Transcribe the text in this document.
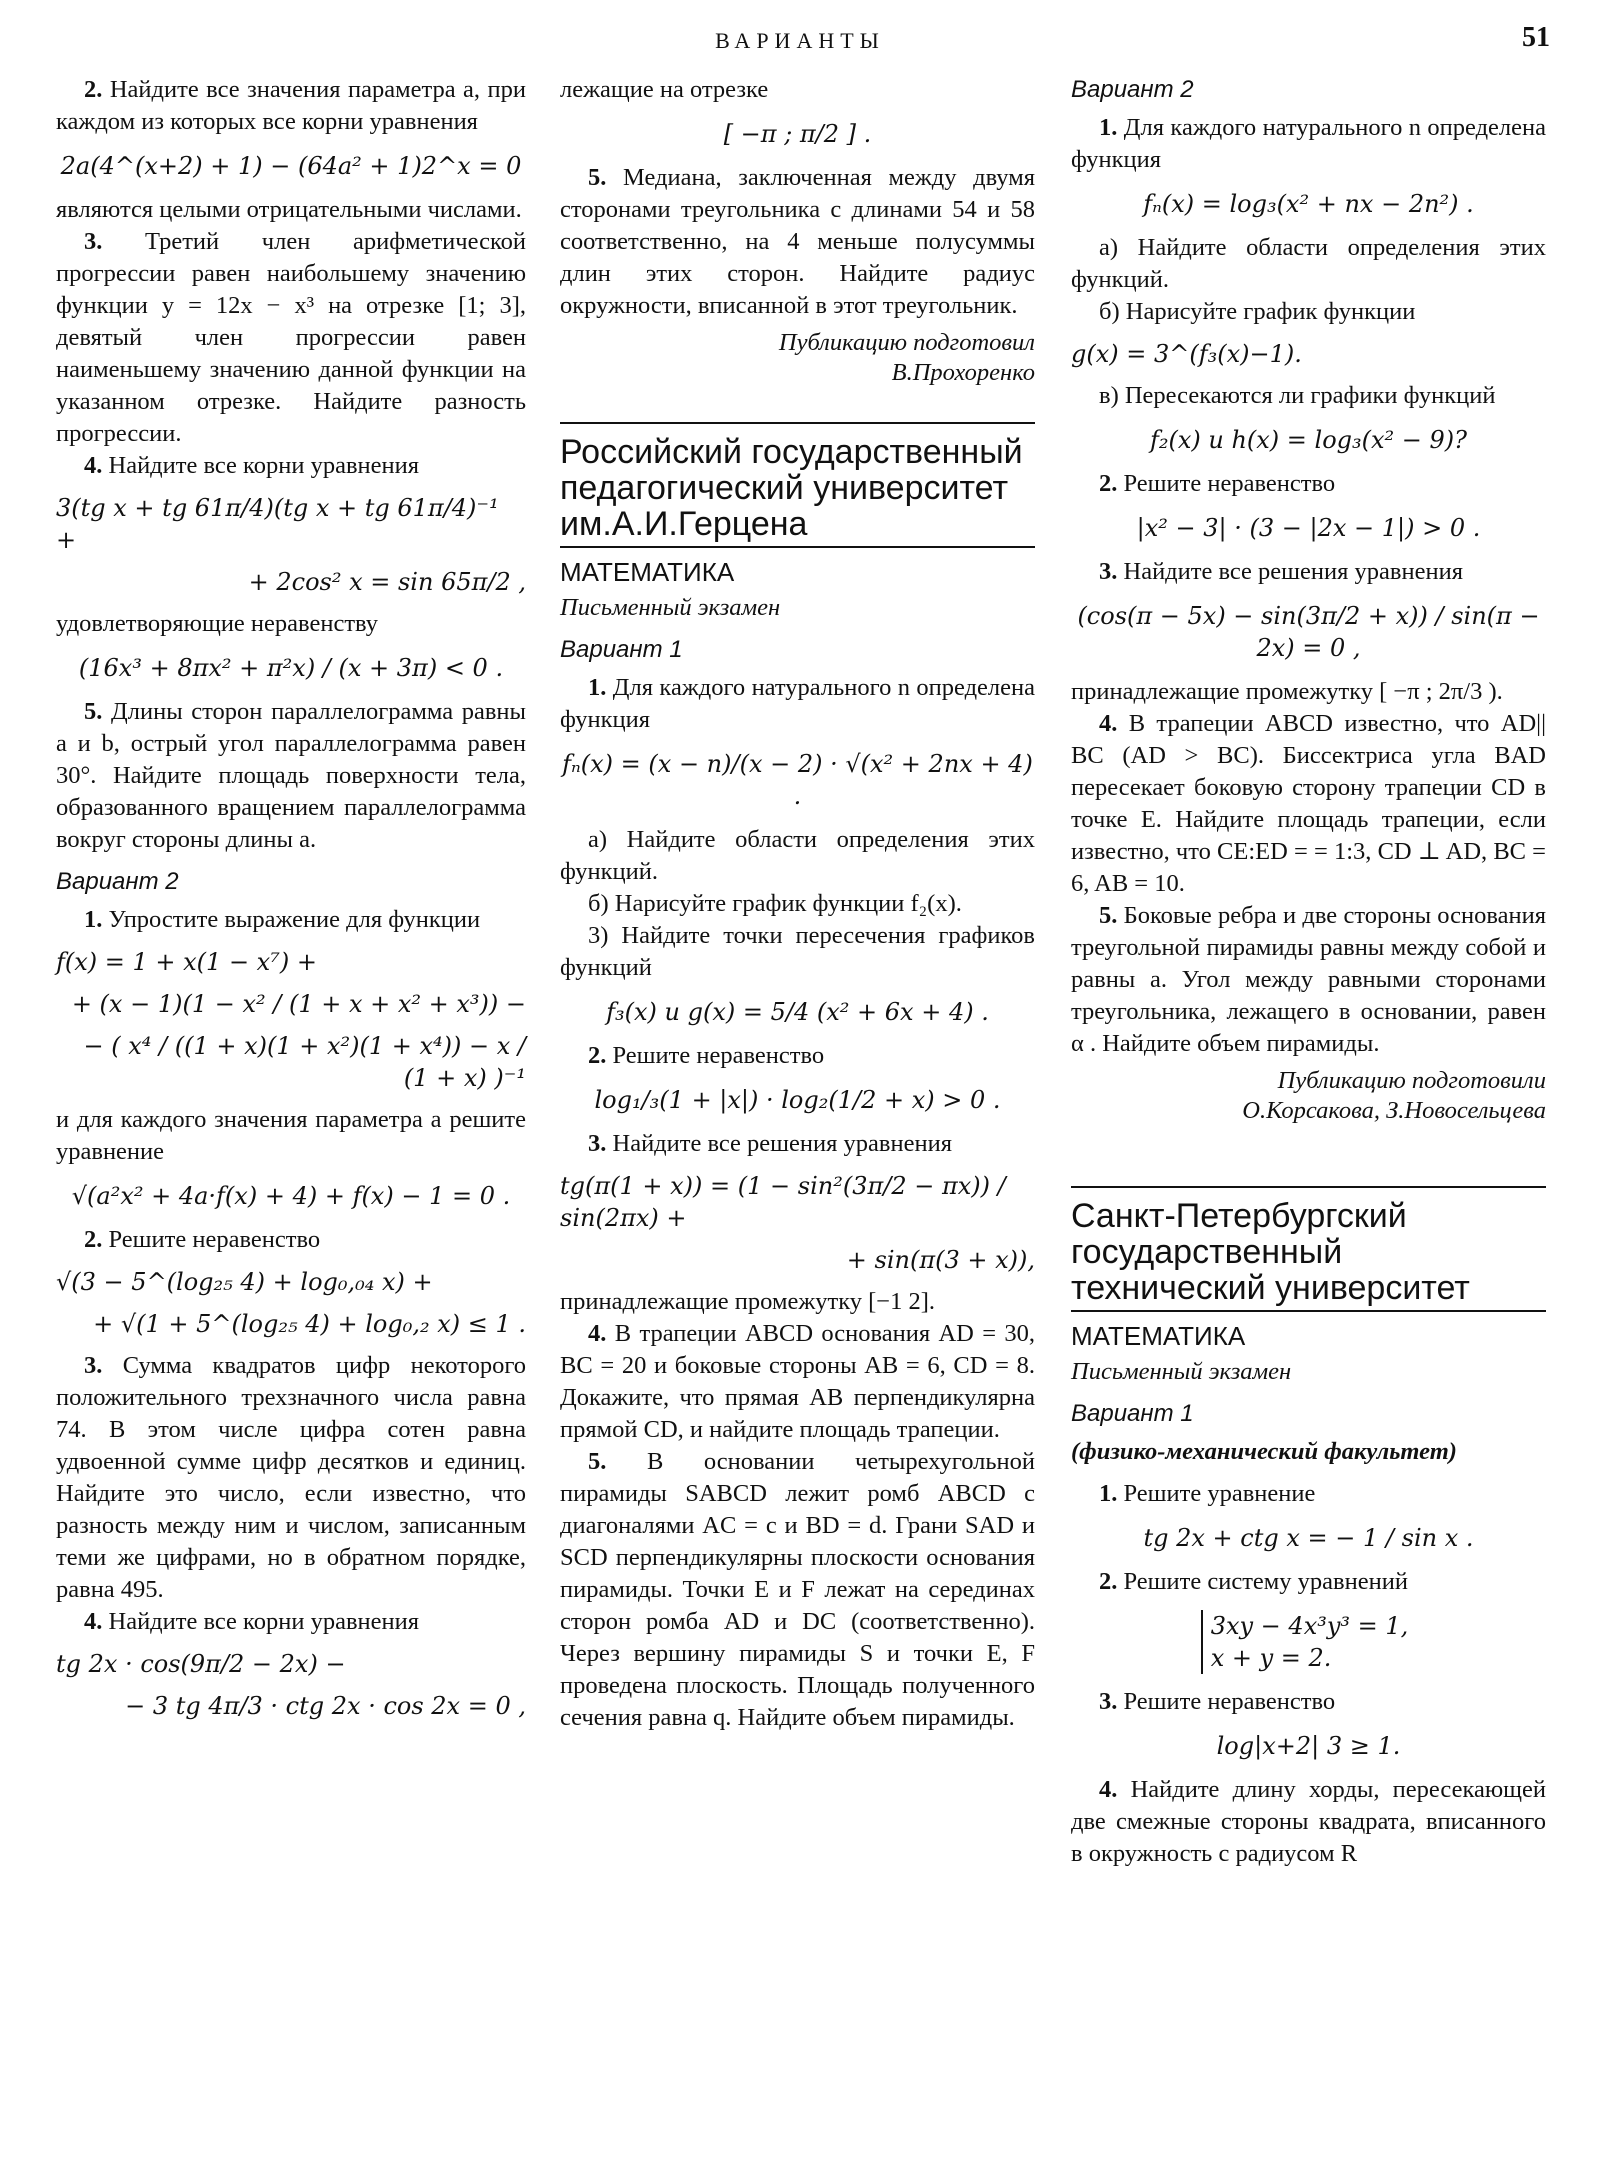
ВАРИАНТЫ	51

2. Найдите все значения параметра a, при каждом из которых все корни уравнения

2a(4^(x+2) + 1) − (64a² + 1)2^x = 0

являются целыми отрицательными числами.

3. Третий член арифметической прогрессии равен наибольшему значению функции y = 12x − x³ на отрезке [1; 3], девятый член прогрессии равен наименьшему значению данной функции на указанном отрезке. Найдите разность прогрессии.

4. Найдите все корни уравнения

3(tg x + tg 61π/4)(tg x + tg 61π/4)⁻¹ +
+ 2cos² x = sin 65π/2 ,

удовлетворяющие неравенству

(16x³ + 8πx² + π²x) / (x + 3π) < 0 .

5. Длины сторон параллелограмма равны a и b, острый угол параллелограмма равен 30°. Найдите площадь поверхности тела, образованного вращением параллелограмма вокруг стороны длины a.

Вариант 2

1. Упростите выражение для функции

f(x) = 1 + x(1 − x⁷) +
+ (x − 1)(1 − x² / (1 + x + x² + x³)) −
− ( x⁴ / ((1 + x)(1 + x²)(1 + x⁴)) − x / (1 + x) )⁻¹

и для каждого значения параметра a решите уравнение

√(a²x² + 4a·f(x) + 4) + f(x) − 1 = 0 .

2. Решите неравенство

√(3 − 5^(log₂₅ 4) + log₀,₀₄ x) +
+ √(1 + 5^(log₂₅ 4) + log₀,₂ x) ≤ 1 .

3. Сумма квадратов цифр некоторого положительного трехзначного числа равна 74. В этом числе цифра сотен равна удвоенной сумме цифр десятков и единиц. Найдите это число, если известно, что разность между ним и числом, записанным теми же цифрами, но в обратном порядке, равна 495.

4. Найдите все корни уравнения

tg 2x · cos(9π/2 − 2x) −
− 3 tg 4π/3 · ctg 2x · cos 2x = 0 ,

лежащие на отрезке

[ −π ; π/2 ] .

5. Медиана, заключенная между двумя сторонами треугольника с длинами 54 и 58 соответственно, на 4 меньше полусуммы длин этих сторон. Найдите радиус окружности, вписанной в этот треугольник.

Публикацию подготовил
В.Прохоренко
Российский государственный педагогический университет им.А.И.Герцена
МАТЕМАТИКА
Письменный экзамен
Вариант 1

1. Для каждого натурального n определена функция

fₙ(x) = (x − n)/(x − 2) · √(x² + 2nx + 4) .

а) Найдите области определения этих функций.

б) Нарисуйте график функции f₂(x).

3) Найдите точки пересечения графиков функций

f₃(x) и g(x) = 5/4 (x² + 6x + 4) .

2. Решите неравенство

log₁/₃(1 + |x|) · log₂(1/2 + x) > 0 .

3. Найдите все решения уравнения

tg(π(1 + x)) = (1 − sin²(3π/2 − πx)) / sin(2πx) +
+ sin(π(3 + x)),

принадлежащие промежутку [−1 2].

4. В трапеции ABCD основания AD = 30, BC = 20 и боковые стороны AB = 6, CD = 8. Докажите, что прямая AB перпендикулярна прямой CD, и найдите площадь трапеции.

5. В основании четырехугольной пирамиды SABCD лежит ромб ABCD с диагоналями AC = c и BD = d. Грани SAD и SCD перпендикулярны плоскости основания пирамиды. Точки E и F лежат на серединах сторон ромба AD и DC (соответственно). Через вершину пирамиды S и точки E, F проведена плоскость. Площадь полученного сечения равна q. Найдите объем пирамиды.

Вариант 2

1. Для каждого натурального n определена функция

fₙ(x) = log₃(x² + nx − 2n²) .

а) Найдите области определения этих функций.

б) Нарисуйте график функции

g(x) = 3^(f₃(x)−1).

в) Пересекаются ли графики функций

f₂(x) и h(x) = log₃(x² − 9)?

2. Решите неравенство

|x² − 3| · (3 − |2x − 1|) > 0 .

3. Найдите все решения уравнения

(cos(π − 5x) − sin(3π/2 + x)) / sin(π − 2x) = 0 ,

принадлежащие промежутку [ −π ; 2π/3 ).

4. В трапеции ABCD известно, что AD|| BC (AD > BC). Биссектриса угла BAD пересекает боковую сторону трапеции CD в точке E. Найдите площадь трапеции, если известно, что CE:ED = = 1:3, CD ⊥ AD, BC = 6, AB = 10.

5. Боковые ребра и две стороны основания треугольной пирамиды равны между собой и равны a. Угол между равными сторонами треугольника, лежащего в основании, равен α . Найдите объем пирамиды.

Публикацию подготовили
О.Корсакова, З.Новосельцева
Санкт-Петербургский государственный технический университет
МАТЕМАТИКА
Письменный экзамен
Вариант 1
(физико-механический факультет)

1. Решите уравнение

tg 2x + ctg x = − 1 / sin x .

2. Решите систему уравнений

3xy − 4x³y³ = 1,
x + y = 2.

3. Решите неравенство

log|x+2| 3 ≥ 1.

4. Найдите длину хорды, пересекающей две смежные стороны квадрата, вписанного в окружность с радиусом R
